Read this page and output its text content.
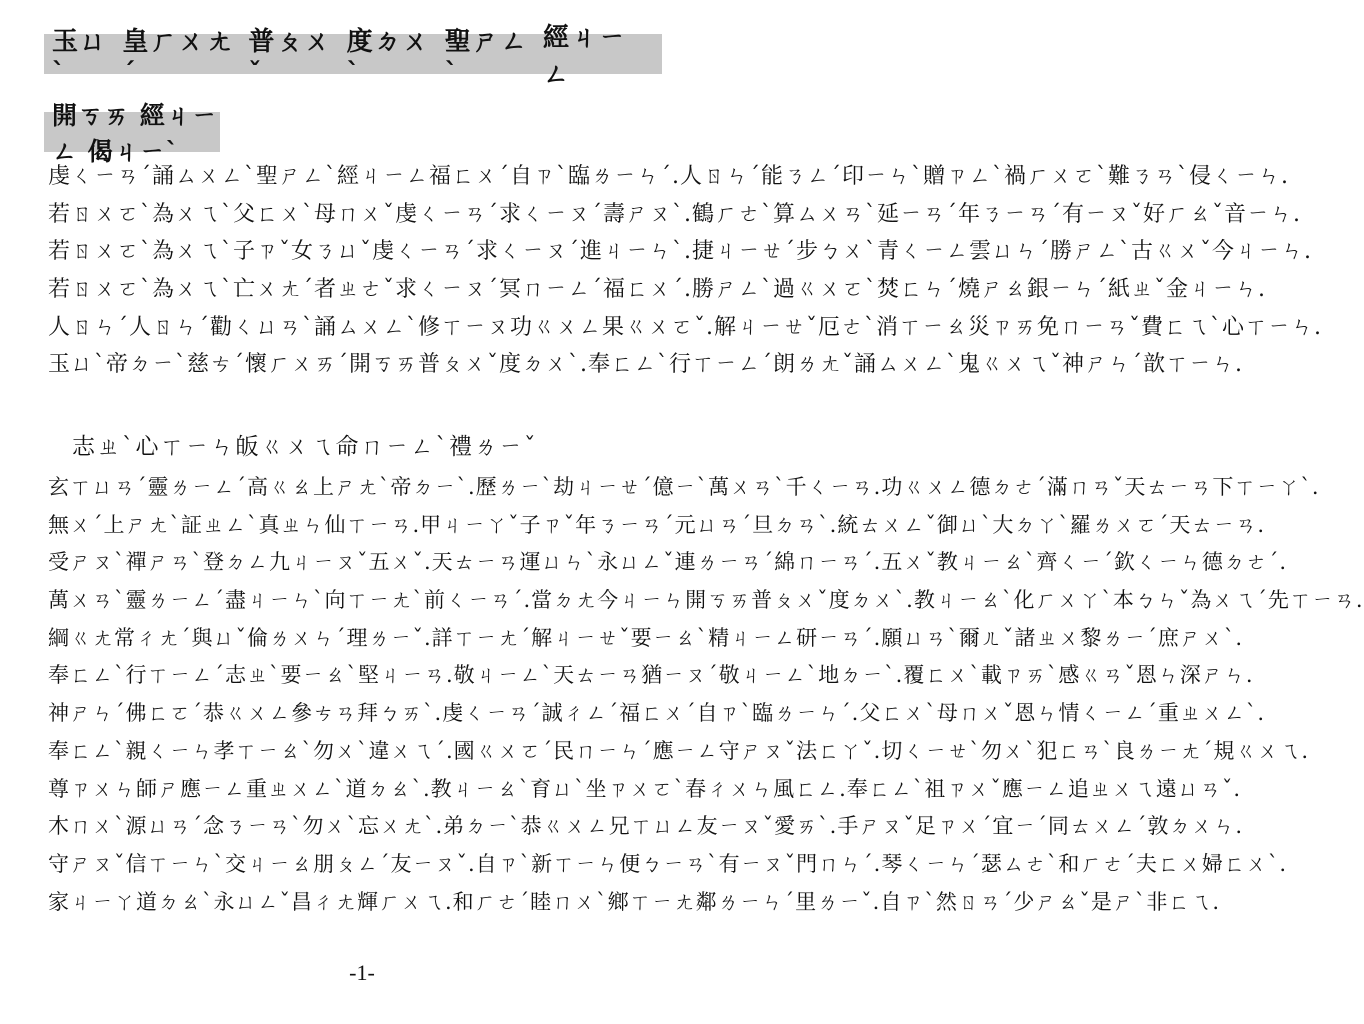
玉ㄩˋ
皇ㄏㄨㄤˊ
普ㄆㄨˇ
度ㄉㄨˋ
聖ㄕㄥˋ
經ㄐㄧㄥ
開ㄎㄞ 經ㄐㄧㄥ 偈ㄐㄧˋ
虔ㄑㄧㄢˊ誦ㄙㄨㄥˋ聖ㄕㄥˋ經ㄐㄧㄥ福ㄈㄨˊ自ㄗˋ臨ㄌㄧㄣˊ.人ㄖㄣˊ能ㄋㄥˊ印ㄧㄣˋ贈ㄗㄥˋ禍ㄏㄨㄛˋ難ㄋㄢˋ侵ㄑㄧㄣ.
若ㄖㄨㄛˋ為ㄨㄟˋ父ㄈㄨˋ母ㄇㄨˇ虔ㄑㄧㄢˊ求ㄑㄧㄡˊ壽ㄕㄡˋ.鶴ㄏㄜˋ算ㄙㄨㄢˋ延ㄧㄢˊ年ㄋㄧㄢˊ有ㄧㄡˇ好ㄏㄠˇ音ㄧㄣ.
若ㄖㄨㄛˋ為ㄨㄟˋ子ㄗˇ女ㄋㄩˇ虔ㄑㄧㄢˊ求ㄑㄧㄡˊ進ㄐㄧㄣˋ.捷ㄐㄧㄝˊ步ㄅㄨˋ青ㄑㄧㄥ雲ㄩㄣˊ勝ㄕㄥˋ古ㄍㄨˇ今ㄐㄧㄣ.
若ㄖㄨㄛˋ為ㄨㄟˋ亡ㄨㄤˊ者ㄓㄜˇ求ㄑㄧㄡˊ冥ㄇㄧㄥˊ福ㄈㄨˊ.勝ㄕㄥˋ過ㄍㄨㄛˋ焚ㄈㄣˊ燒ㄕㄠ銀ㄧㄣˊ紙ㄓˇ金ㄐㄧㄣ.
人ㄖㄣˊ人ㄖㄣˊ勸ㄑㄩㄢˋ誦ㄙㄨㄥˋ修ㄒㄧㄡ功ㄍㄨㄥ果ㄍㄨㄛˇ.解ㄐㄧㄝˇ厄ㄜˋ消ㄒㄧㄠ災ㄗㄞ免ㄇㄧㄢˇ費ㄈㄟˋ心ㄒㄧㄣ.
玉ㄩˋ帝ㄉㄧˋ慈ㄘˊ懷ㄏㄨㄞˊ開ㄎㄞ普ㄆㄨˇ度ㄉㄨˋ.奉ㄈㄥˋ行ㄒㄧㄥˊ朗ㄌㄤˇ誦ㄙㄨㄥˋ鬼ㄍㄨㄟˇ神ㄕㄣˊ歆ㄒㄧㄣ.
志ㄓˋ心ㄒㄧㄣ皈ㄍㄨㄟ命ㄇㄧㄥˋ禮ㄌㄧˇ
玄ㄒㄩㄢˊ靈ㄌㄧㄥˊ高ㄍㄠ上ㄕㄤˋ帝ㄉㄧˋ.歷ㄌㄧˋ劫ㄐㄧㄝˊ億ㄧˋ萬ㄨㄢˋ千ㄑㄧㄢ.功ㄍㄨㄥ德ㄉㄜˊ滿ㄇㄢˇ天ㄊㄧㄢ下ㄒㄧㄚˋ.
無ㄨˊ上ㄕㄤˋ証ㄓㄥˋ真ㄓㄣ仙ㄒㄧㄢ.甲ㄐㄧㄚˇ子ㄗˇ年ㄋㄧㄢˊ元ㄩㄢˊ旦ㄉㄢˋ.統ㄊㄨㄥˇ御ㄩˋ大ㄉㄚˋ羅ㄌㄨㄛˊ天ㄊㄧㄢ.
受ㄕㄡˋ禪ㄕㄢˋ登ㄉㄥ九ㄐㄧㄡˇ五ㄨˇ.天ㄊㄧㄢ運ㄩㄣˋ永ㄩㄥˇ連ㄌㄧㄢˊ綿ㄇㄧㄢˊ.五ㄨˇ教ㄐㄧㄠˋ齊ㄑㄧˊ欽ㄑㄧㄣ德ㄉㄜˊ.
萬ㄨㄢˋ靈ㄌㄧㄥˊ盡ㄐㄧㄣˋ向ㄒㄧㄤˋ前ㄑㄧㄢˊ.當ㄉㄤ今ㄐㄧㄣ開ㄎㄞ普ㄆㄨˇ度ㄉㄨˋ.教ㄐㄧㄠˋ化ㄏㄨㄚˋ本ㄅㄣˇ為ㄨㄟˊ先ㄒㄧㄢ.
綱ㄍㄤ常ㄔㄤˊ與ㄩˇ倫ㄌㄨㄣˊ理ㄌㄧˇ.詳ㄒㄧㄤˊ解ㄐㄧㄝˇ要ㄧㄠˋ精ㄐㄧㄥ研ㄧㄢˊ.願ㄩㄢˋ爾ㄦˇ諸ㄓㄨ黎ㄌㄧˊ庶ㄕㄨˋ.
奉ㄈㄥˋ行ㄒㄧㄥˊ志ㄓˋ要ㄧㄠˋ堅ㄐㄧㄢ.敬ㄐㄧㄥˋ天ㄊㄧㄢ猶ㄧㄡˊ敬ㄐㄧㄥˋ地ㄉㄧˋ.覆ㄈㄨˋ載ㄗㄞˋ感ㄍㄢˇ恩ㄣ深ㄕㄣ.
神ㄕㄣˊ佛ㄈㄛˊ恭ㄍㄨㄥ參ㄘㄢ拜ㄅㄞˋ.虔ㄑㄧㄢˊ誠ㄔㄥˊ福ㄈㄨˊ自ㄗˋ臨ㄌㄧㄣˊ.父ㄈㄨˋ母ㄇㄨˇ恩ㄣ情ㄑㄧㄥˊ重ㄓㄨㄥˋ.
奉ㄈㄥˋ親ㄑㄧㄣ孝ㄒㄧㄠˋ勿ㄨˋ違ㄨㄟˊ.國ㄍㄨㄛˊ民ㄇㄧㄣˊ應ㄧㄥ守ㄕㄡˇ法ㄈㄚˇ.切ㄑㄧㄝˋ勿ㄨˋ犯ㄈㄢˋ良ㄌㄧㄤˊ規ㄍㄨㄟ.
尊ㄗㄨㄣ師ㄕ應ㄧㄥ重ㄓㄨㄥˋ道ㄉㄠˋ.教ㄐㄧㄠˋ育ㄩˋ坐ㄗㄨㄛˋ春ㄔㄨㄣ風ㄈㄥ.奉ㄈㄥˋ祖ㄗㄨˇ應ㄧㄥ追ㄓㄨㄟ遠ㄩㄢˇ.
木ㄇㄨˋ源ㄩㄢˊ念ㄋㄧㄢˋ勿ㄨˋ忘ㄨㄤˋ.弟ㄉㄧˋ恭ㄍㄨㄥ兄ㄒㄩㄥ友ㄧㄡˇ愛ㄞˋ.手ㄕㄡˇ足ㄗㄨˊ宜ㄧˊ同ㄊㄨㄥˊ敦ㄉㄨㄣ.
守ㄕㄡˇ信ㄒㄧㄣˋ交ㄐㄧㄠ朋ㄆㄥˊ友ㄧㄡˇ.自ㄗˋ新ㄒㄧㄣ便ㄅㄧㄢˋ有ㄧㄡˇ門ㄇㄣˊ.琴ㄑㄧㄣˊ瑟ㄙㄜˋ和ㄏㄜˊ夫ㄈㄨ婦ㄈㄨˋ.
家ㄐㄧㄚ道ㄉㄠˋ永ㄩㄥˇ昌ㄔㄤ輝ㄏㄨㄟ.和ㄏㄜˊ睦ㄇㄨˋ鄉ㄒㄧㄤ鄰ㄌㄧㄣˊ里ㄌㄧˇ.自ㄗˋ然ㄖㄢˊ少ㄕㄠˇ是ㄕˋ非ㄈㄟ.
-1-
